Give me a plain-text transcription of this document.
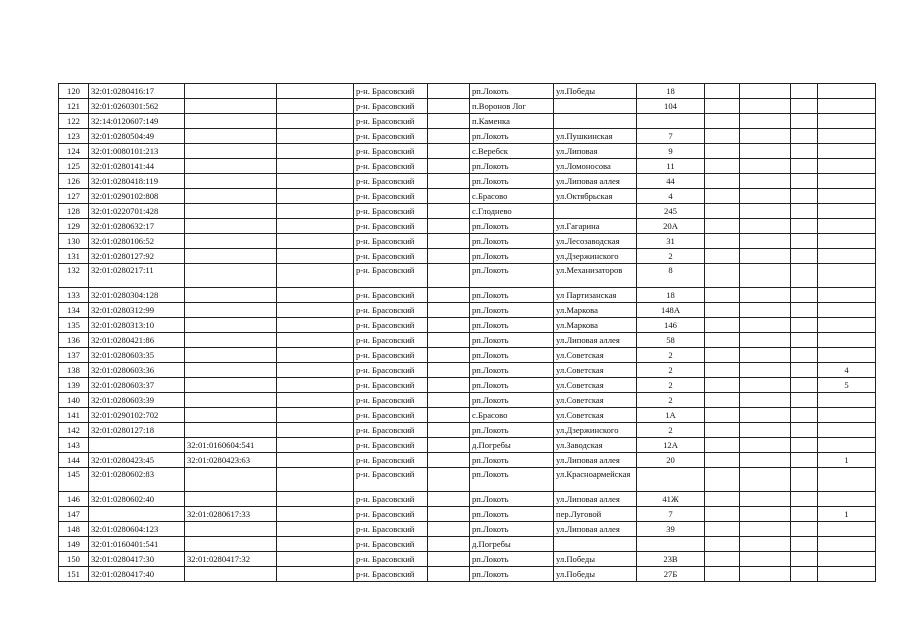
120	32:01:0280416:17			р-н. Брасовский		рп.Локоть	ул.Победы	18				
121	32:01:0260301:562			р-н. Брасовский		п.Воронов Лог		104				
122	32:14:0120607:149			р-н. Брасовский		п.Каменка						
123	32:01:0280504:49			р-н. Брасовский		рп.Локоть	ул.Пушкинская	7				
124	32:01:0080101:213			р-н. Брасовский		с.Веребск	ул.Липовая	9				
125	32:01:0280141:44			р-н. Брасовский		рп.Локоть	ул.Ломоносова	11				
126	32:01:0280418:119			р-н. Брасовский		рп.Локоть	ул.Липовая аллея	44				
127	32:01:0290102:808			р-н. Брасовский		с.Брасово	ул.Октябрьская	4				
128	32:01:0220701:428			р-н. Брасовский		с.Глоднево		245				
129	32:01:0280632:17			р-н. Брасовский		рп.Локоть	ул.Гагарина	20А				
130	32:01:0280106:52			р-н. Брасовский		рп.Локоть	ул.Лесозаводская	31				
131	32:01:0280127:92			р-н. Брасовский		рп.Локоть	ул.Дзержинского	2				
132	32:01:0280217:11			р-н. Брасовский		рп.Локоть	ул.Механизаторов	8				
133	32:01:0280304:128			р-н. Брасовский		рп.Локоть	ул Партизанская	18				
134	32:01:0280312:99			р-н. Брасовский		рп.Локоть	ул.Маркова	148А				
135	32:01:0280313:10			р-н. Брасовский		рп.Локоть	ул.Маркова	146				
136	32:01:0280421:86			р-н. Брасовский		рп.Локоть	ул.Липовая аллея	58				
137	32:01:0280603:35			р-н. Брасовский		рп.Локоть	ул.Советская	2				
138	32:01:0280603:36			р-н. Брасовский		рп.Локоть	ул.Советская	2				4
139	32:01:0280603:37			р-н. Брасовский		рп.Локоть	ул.Советская	2				5
140	32:01:0280603:39			р-н. Брасовский		рп.Локоть	ул.Советская	2				
141	32:01:0290102:702			р-н. Брасовский		с.Брасово	ул.Советская	1А				
142	32:01:0280127:18			р-н. Брасовский		рп.Локоть	ул.Дзержинского	2				
143		32:01:0160604:541		р-н. Брасовский		д.Погребы	ул.Заводская	12А				
144	32:01:0280423:45	32:01:0280423:63		р-н. Брасовский		рп.Локоть	ул.Липовая аллея	20				1
145	32:01:0280602:83			р-н. Брасовский		рп.Локоть	ул.Красноармейская					
146	32:01:0280602:40			р-н. Брасовский		рп.Локоть	ул.Липовая аллея	41Ж				
147		32:01:0280617:33		р-н. Брасовский		рп.Локоть	пер.Луговой	7				1
148	32:01:0280604:123			р-н. Брасовский		рп.Локоть	ул.Липовая аллея	39				
149	32:01:0160401:541			р-н. Брасовский		д.Погребы						
150	32:01:0280417:30	32:01:0280417:32		р-н. Брасовский		рп.Локоть	ул.Победы	23В				
151	32:01:0280417:40			р-н. Брасовский		рп.Локоть	ул.Победы	27Б				
